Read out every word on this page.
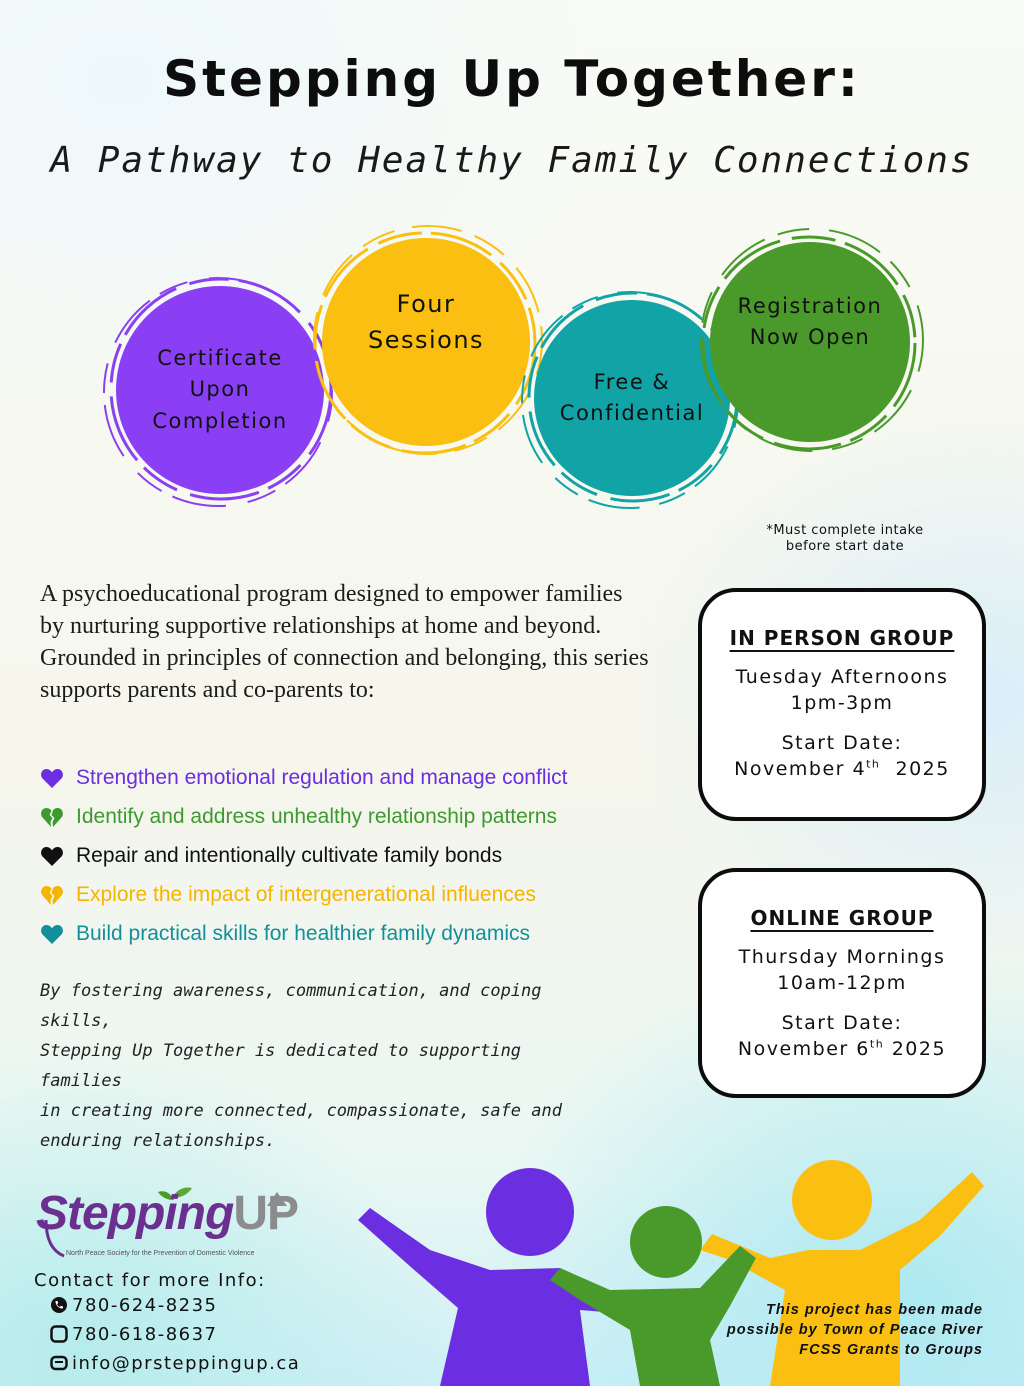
Stepping Up Together:
A Pathway to Healthy Family Connections
Certificate
Upon
Completion
Four
Sessions
Free &
Confidential
Registration
Now Open
*Must complete intake
before start date
A psychoeducational program designed to empower families by nurturing supportive relationships at home and beyond. Grounded in principles of connection and belonging, this series supports parents and co-parents to:
Strengthen emotional regulation and manage conflict
Identify and address unhealthy relationship patterns
Repair and intentionally cultivate family bonds
Explore the impact of intergenerational influences
Build practical skills for healthier family dynamics
By fostering awareness, communication, and coping skills,
Stepping Up Together is dedicated to supporting families
in creating more connected, compassionate, safe and
enduring relationships.
IN PERSON GROUP
Tuesday Afternoons
1pm-3pm
Start Date:
November 4th 2025
ONLINE GROUP
Thursday Mornings
10am-12pm
Start Date:
November 6th 2025
SteppingUP
North Peace Society for the Prevention of Domestic Violence
Contact for more Info:
780-624-8235
780-618-8637
info@prsteppingup.ca
This project has been made
possible by Town of Peace River
FCSS Grants to Groups
